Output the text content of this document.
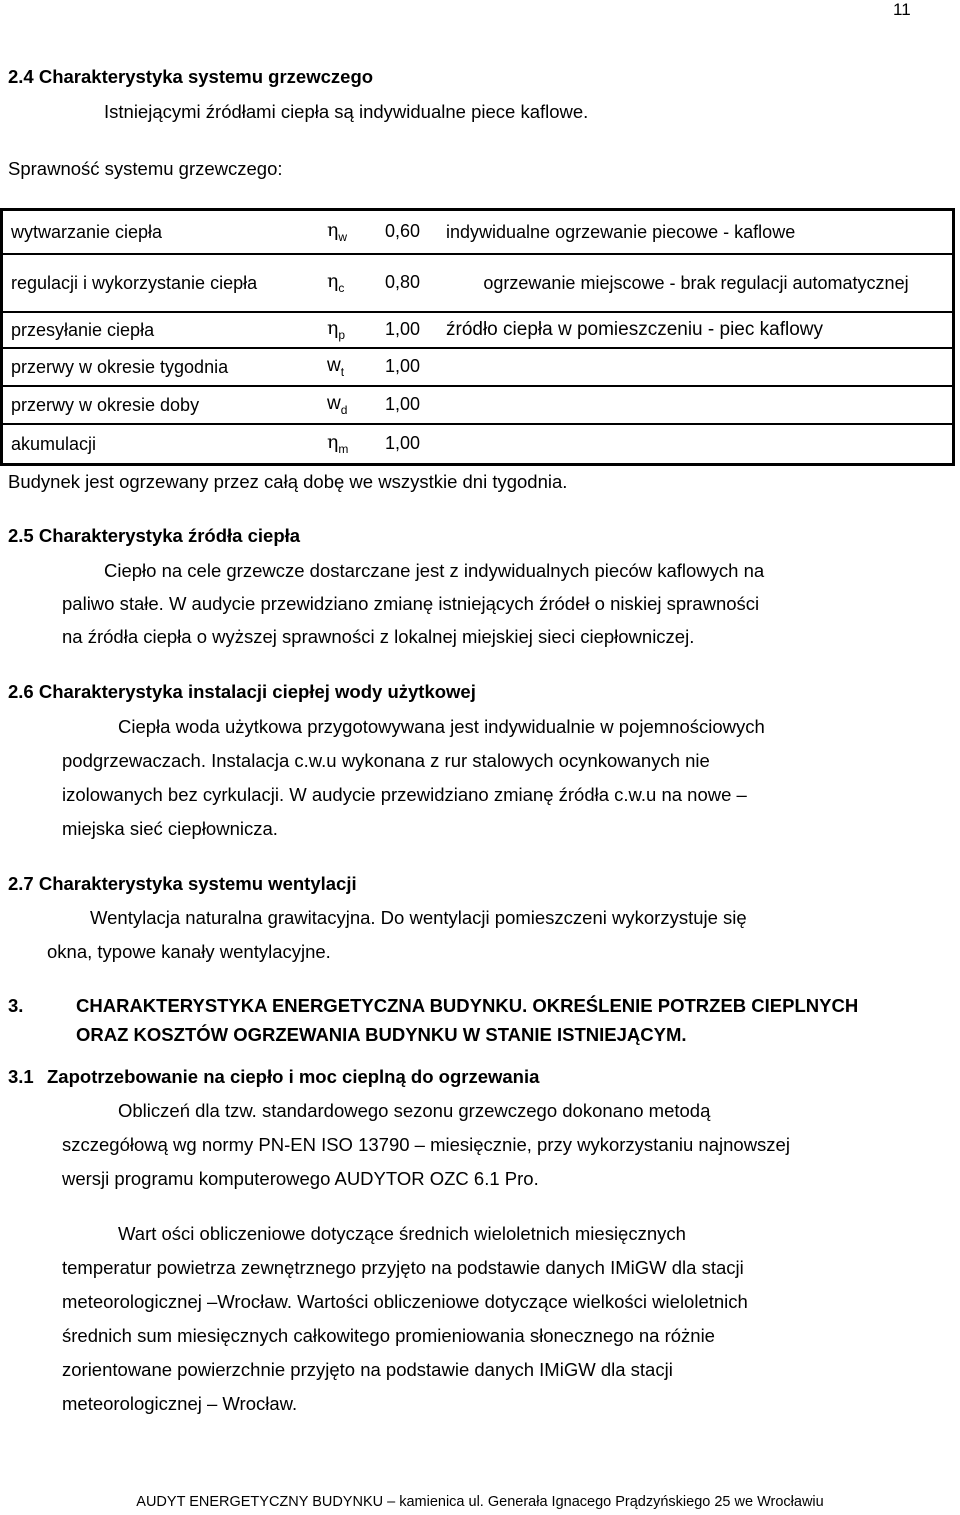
11
2.4 Charakterystyka systemu grzewczego
Istniejącymi źródłami ciepła są indywidualne piece kaflowe.
Sprawność systemu grzewczego:
wytwarzanie ciepła	$\eta_w$	0,60	indywidualne ogrzewanie piecowe - kaflowe
regulacji i wykorzystanie ciepła	$\eta_c$	0,80	ogrzewanie miejscowe - brak regulacji automatycznej
przesyłanie ciepła	$\eta_p$	1,00	źródło ciepła w pomieszczeniu - piec kaflowy
przerwy w okresie tygodnia	$w_t$	1,00	
przerwy w okresie doby	$w_d$	1,00	
akumulacji	$\eta_m$	1,00	
Budynek jest ogrzewany przez całą dobę we wszystkie dni tygodnia.
2.5 Charakterystyka źródła ciepła
Ciepło na cele grzewcze dostarczane jest z indywidualnych pieców kaflowych na
paliwo stałe. W audycie przewidziano zmianę istniejących źródeł o niskiej sprawności
na źródła ciepła o wyższej sprawności z lokalnej miejskiej sieci ciepłowniczej.
2.6 Charakterystyka instalacji ciepłej wody użytkowej
Ciepła woda użytkowa przygotowywana jest indywidualnie w pojemnościowych
podgrzewaczach. Instalacja c.w.u wykonana z rur stalowych ocynkowanych nie
izolowanych bez cyrkulacji. W audycie przewidziano zmianę źródła c.w.u na nowe –
miejska sieć ciepłownicza.
2.7 Charakterystyka systemu wentylacji
Wentylacja naturalna grawitacyjna. Do wentylacji pomieszczeni wykorzystuje się
okna, typowe kanały wentylacyjne.
3.	CHARAKTERYSTYKA ENERGETYCZNA BUDYNKU. OKREŚLENIE POTRZEB CIEPLNYCH
ORAZ KOSZTÓW OGRZEWANIA BUDYNKU W STANIE ISTNIEJĄCYM.
3.1 Zapotrzebowanie na ciepło i moc cieplną do ogrzewania
Obliczeń dla tzw. standardowego sezonu grzewczego dokonano metodą
szczegółową wg normy PN-EN ISO 13790 – miesięcznie, przy wykorzystaniu najnowszej
wersji programu komputerowego AUDYTOR OZC 6.1 Pro.
Wart ości obliczeniowe dotyczące średnich wieloletnich miesięcznych
temperatur powietrza zewnętrznego przyjęto na podstawie danych IMiGW dla stacji
meteorologicznej –Wrocław. Wartości obliczeniowe dotyczące wielkości wieloletnich
średnich sum miesięcznych całkowitego promieniowania słonecznego na różnie
zorientowane powierzchnie przyjęto na podstawie danych IMiGW dla stacji
meteorologicznej – Wrocław.
AUDYT ENERGETYCZNY BUDYNKU – kamienica ul. Generała Ignacego Prądzyńskiego 25 we Wrocławiu
